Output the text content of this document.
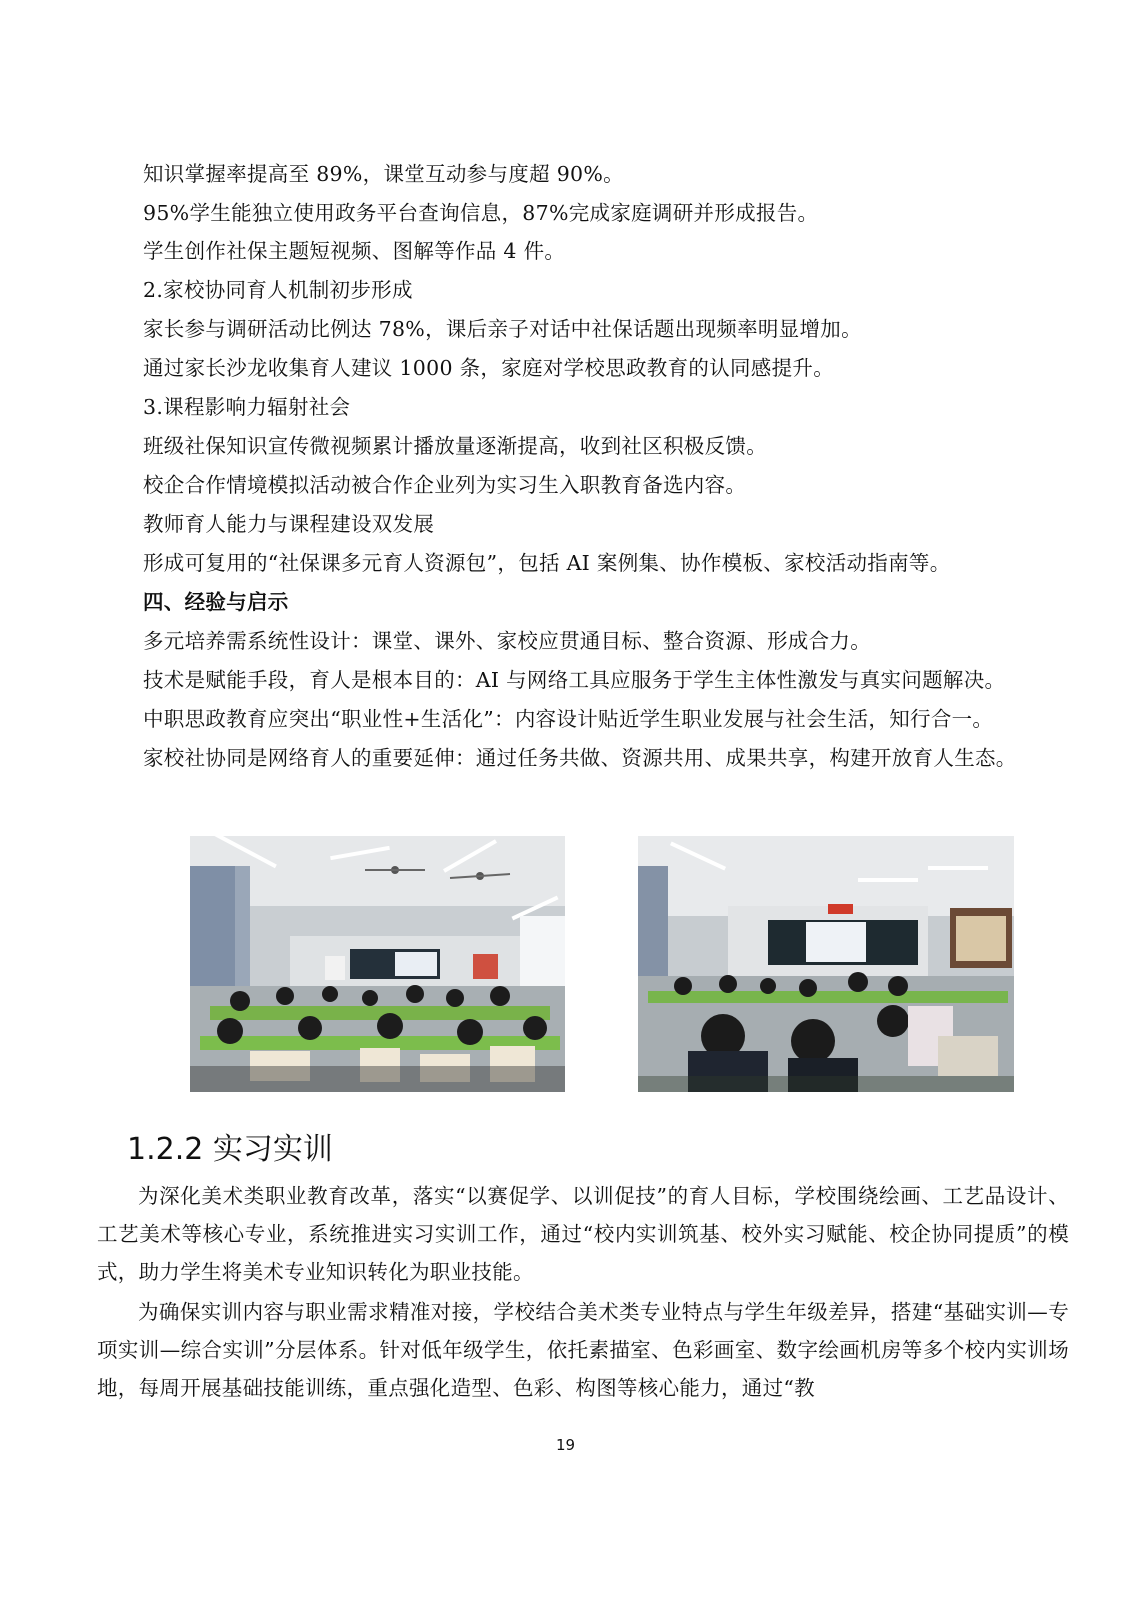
知识掌握率提高至 89%，课堂互动参与度超 90%。
95%学生能独立使用政务平台查询信息，87%完成家庭调研并形成报告。
学生创作社保主题短视频、图解等作品 4 件。
2.家校协同育人机制初步形成
家长参与调研活动比例达 78%，课后亲子对话中社保话题出现频率明显增加。
通过家长沙龙收集育人建议 1000 条，家庭对学校思政教育的认同感提升。
3.课程影响力辐射社会
班级社保知识宣传微视频累计播放量逐渐提高，收到社区积极反馈。
校企合作情境模拟活动被合作企业列为实习生入职教育备选内容。
教师育人能力与课程建设双发展
形成可复用的“社保课多元育人资源包”，包括 AI 案例集、协作模板、家校活动指南等。
四、经验与启示
多元培养需系统性设计：课堂、课外、家校应贯通目标、整合资源、形成合力。
技术是赋能手段，育人是根本目的：AI 与网络工具应服务于学生主体性激发与真实问题解决。
中职思政教育应突出“职业性+生活化”：内容设计贴近学生职业发展与社会生活，知行合一。
家校社协同是网络育人的重要延伸：通过任务共做、资源共用、成果共享，构建开放育人生态。
1.2.2 实习实训
为深化美术类职业教育改革，落实“以赛促学、以训促技”的育人目标，学校围绕绘画、工艺品设计、工艺美术等核心专业，系统推进实习实训工作，通过“校内实训筑基、校外实习赋能、校企协同提质”的模式，助力学生将美术专业知识转化为职业技能。
为确保实训内容与职业需求精准对接，学校结合美术类专业特点与学生年级差异，搭建“基础实训—专项实训—综合实训”分层体系。针对低年级学生，依托素描室、色彩画室、数字绘画机房等多个校内实训场地，每周开展基础技能训练，重点强化造型、色彩、构图等核心能力，通过“教
19
